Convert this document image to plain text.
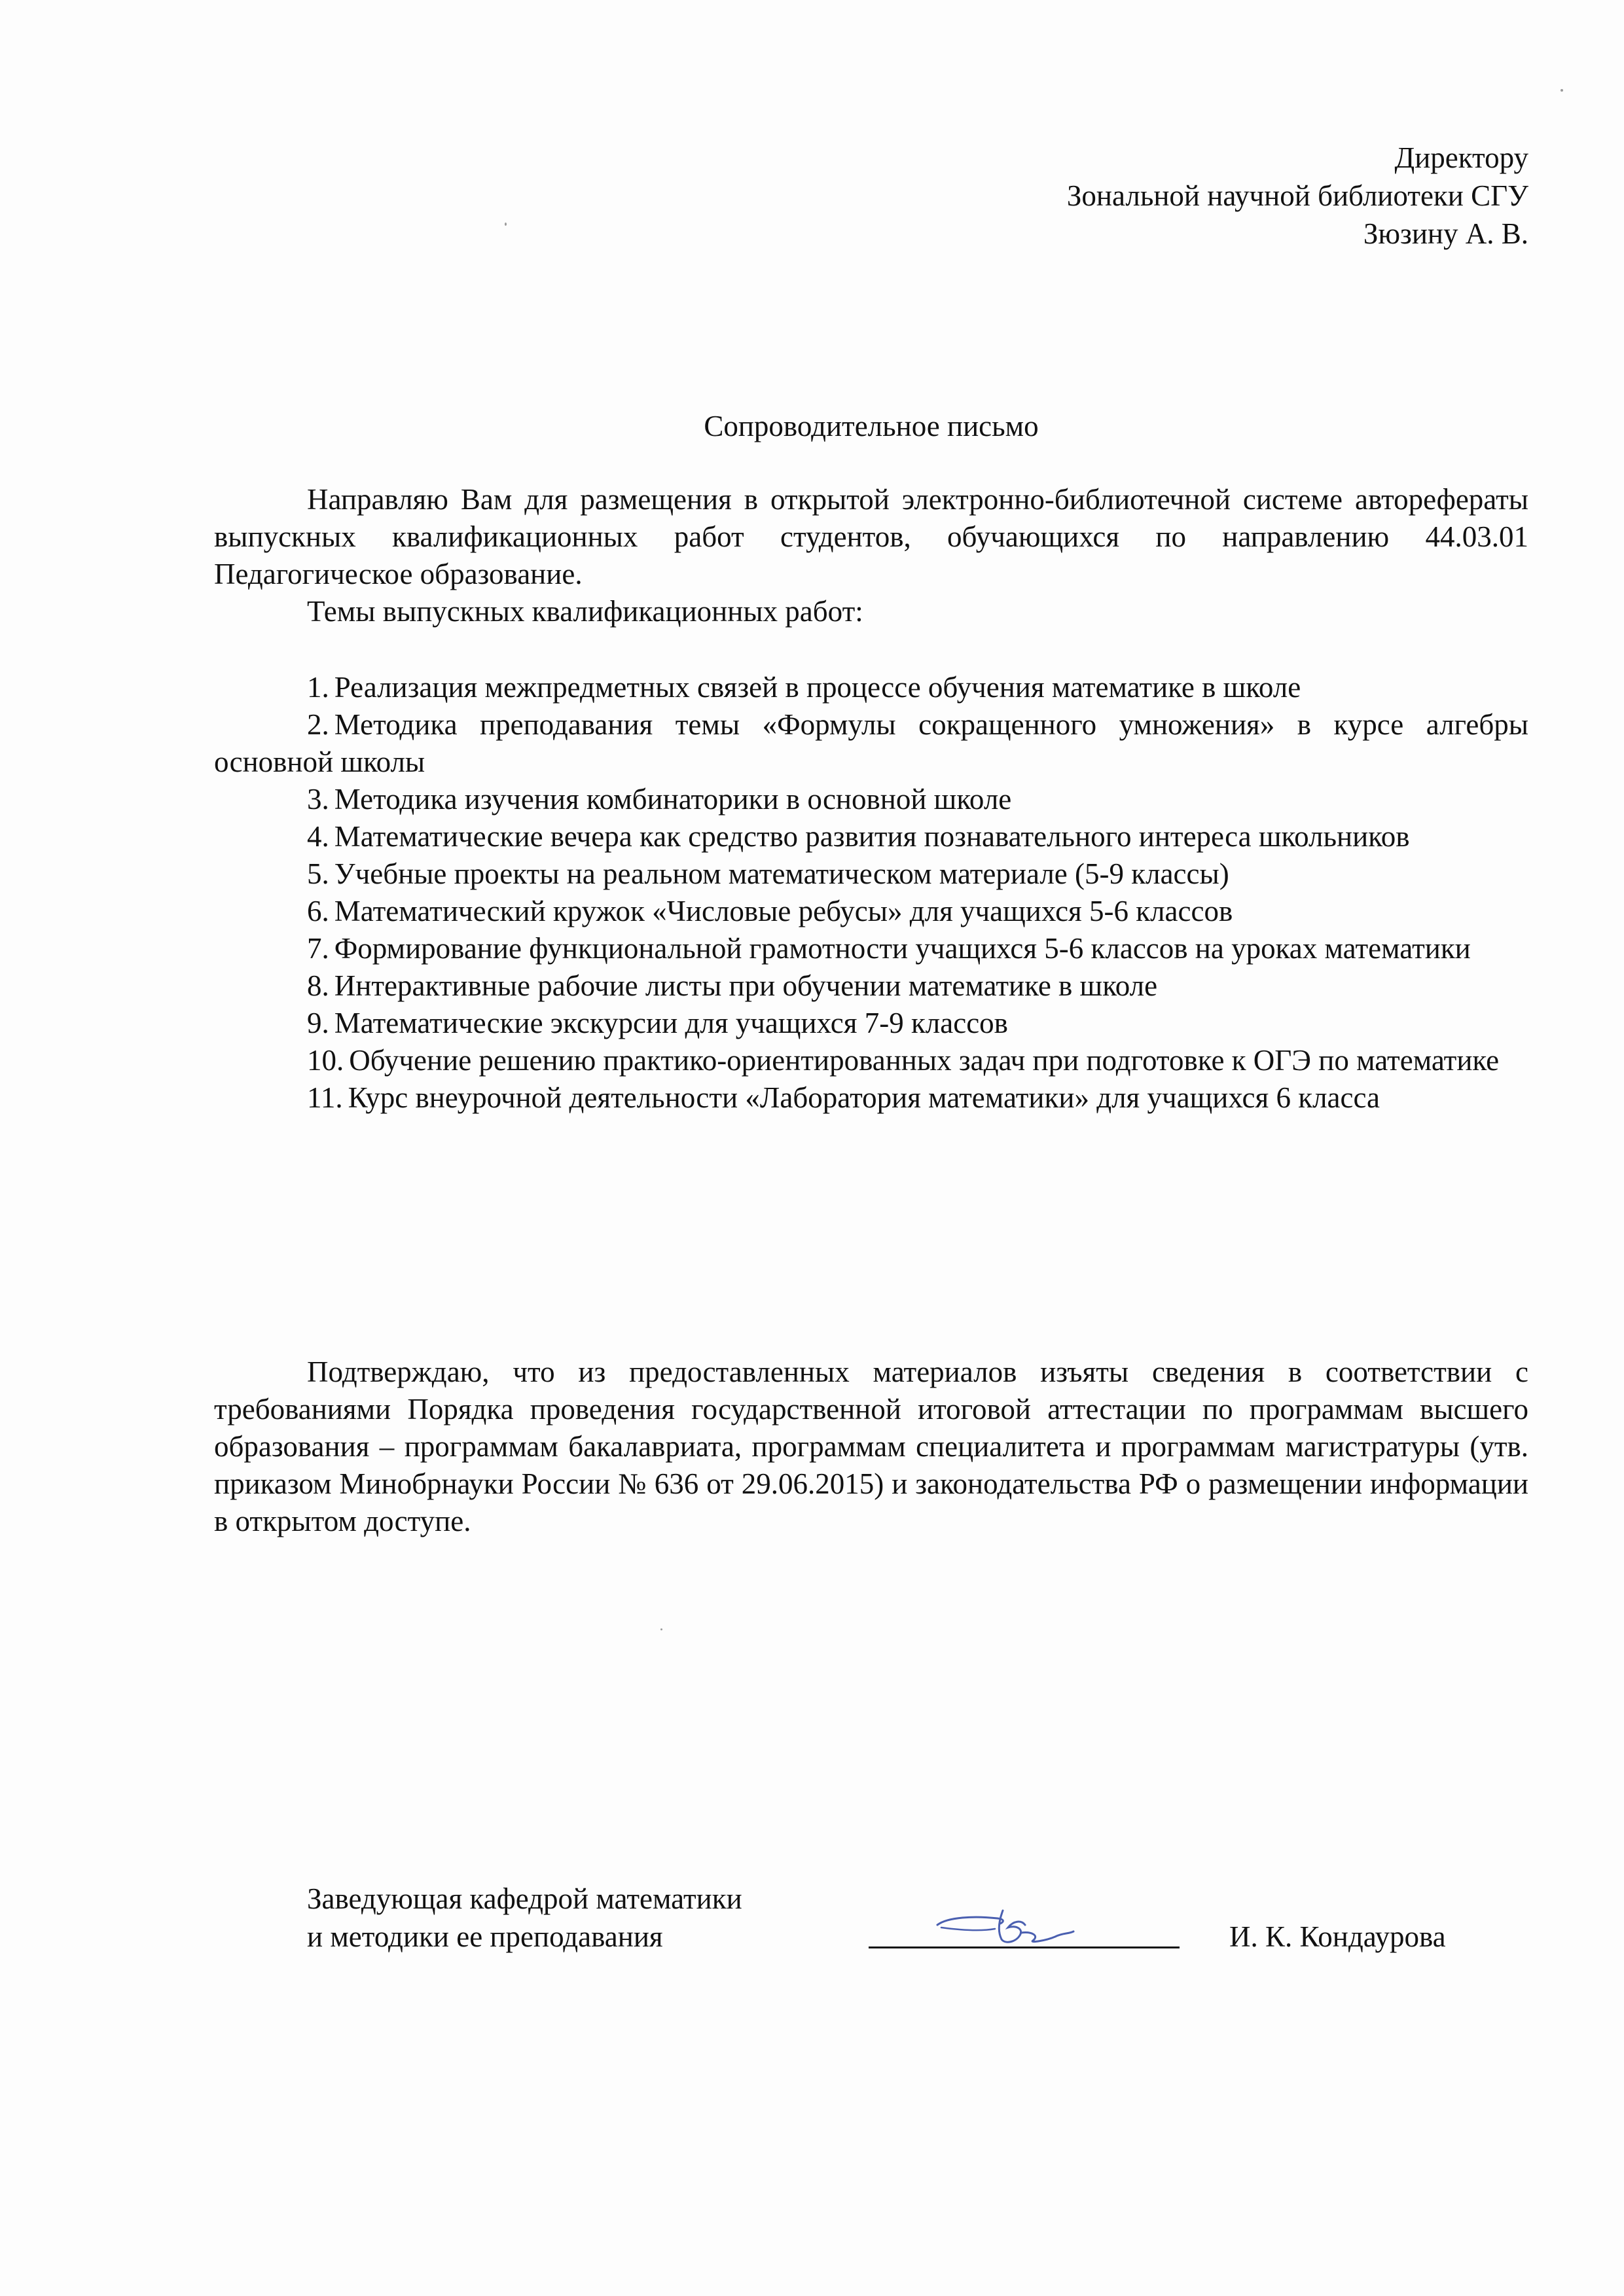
Директору
Зональной научной библиотеки СГУ
Зюзину А. В.
Сопроводительное письмо

Направляю Вам для размещения в открытой электронно-библиотечной системе авторефераты выпускных квалификационных работ студентов, обучающихся по направлению 44.03.01 Педагогическое образование.

Темы выпускных квалификационных работ:

1. Реализация межпредметных связей в процессе обучения математике в школе
2. Методика преподавания темы «Формулы сокращенного умножения» в курсе алгебры основной школы
3. Методика изучения комбинаторики в основной школе
4. Математические вечера как средство развития познавательного интереса школьников
5. Учебные проекты на реальном математическом материале (5-9 классы)
6. Математический кружок «Числовые ребусы» для учащихся 5-6 классов
7. Формирование функциональной грамотности учащихся 5-6 классов на уроках математики
8. Интерактивные рабочие листы при обучении математике в школе
9. Математические экскурсии для учащихся 7-9 классов
10. Обучение решению практико-ориентированных задач при подготовке к ОГЭ по математике
11. Курс внеурочной деятельности «Лаборатория математики» для учащихся 6 класса

Подтверждаю, что из предоставленных материалов изъяты сведения в соответствии с требованиями Порядка проведения государственной итоговой аттестации по программам высшего образования – программам бакалавриата, программам специалитета и программам магистратуры (утв. приказом Минобрнауки России № 636 от 29.06.2015) и законодательства РФ о размещении информации в открытом доступе.

Заведующая кафедрой математики
и методики ее преподавания	И. К. Кондаурова
